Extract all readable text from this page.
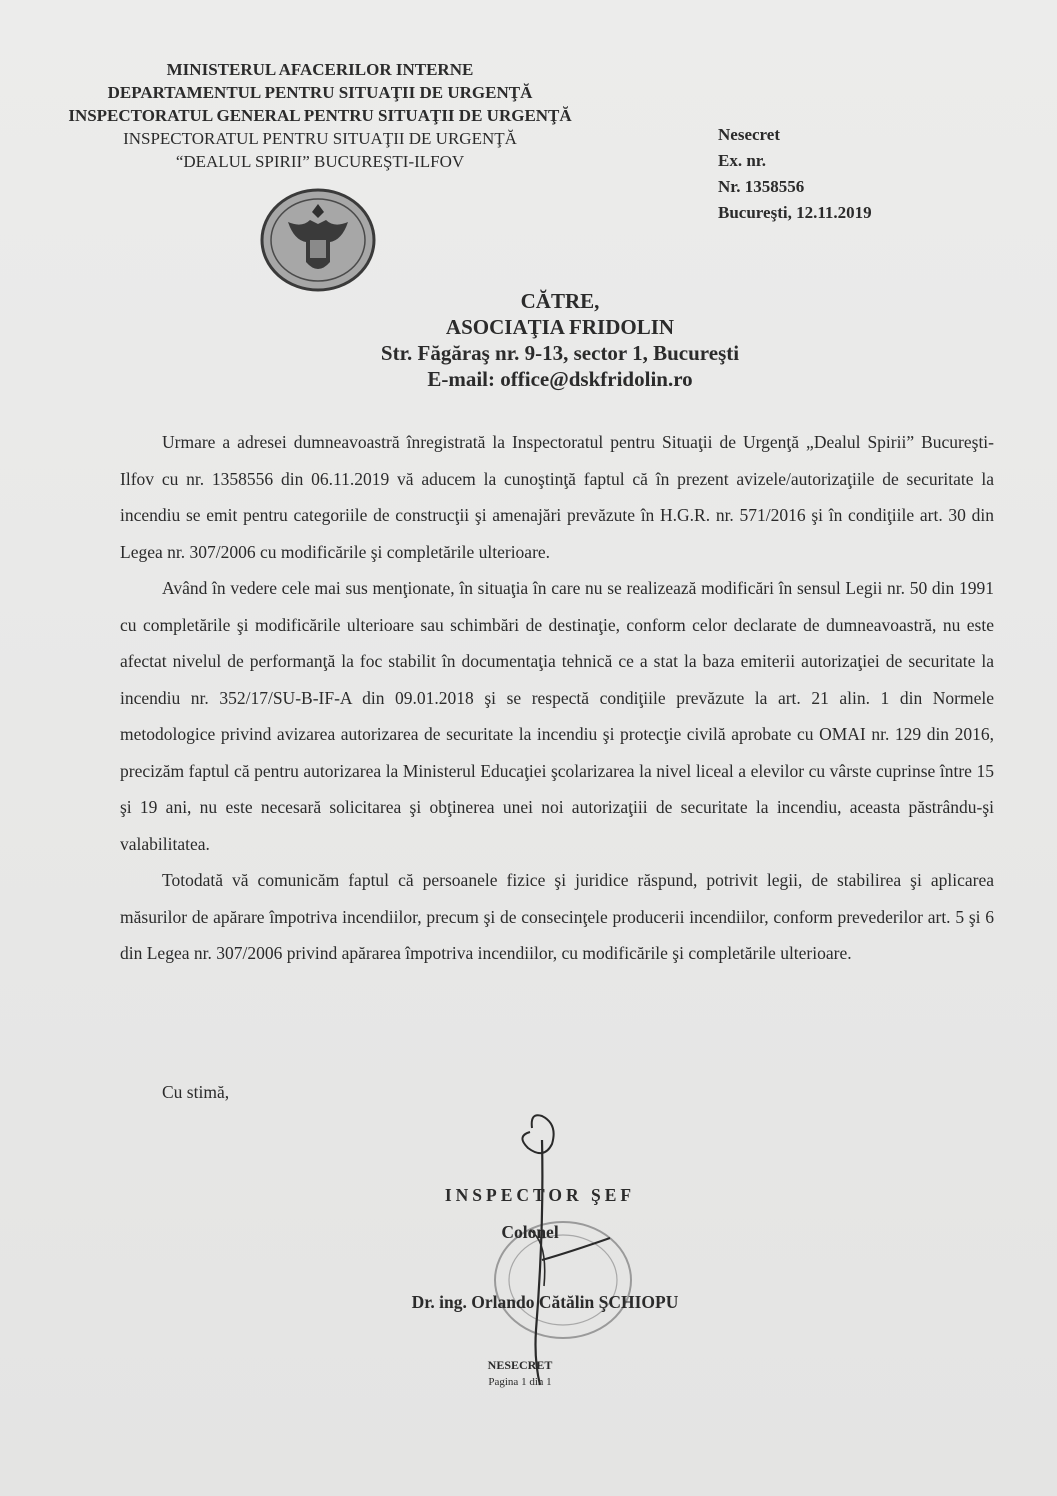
MINISTERUL AFACERILOR INTERNE
DEPARTAMENTUL PENTRU SITUAŢII DE URGENŢĂ
INSPECTORATUL GENERAL PENTRU SITUAŢII DE URGENŢĂ
INSPECTORATUL PENTRU SITUAŢII DE URGENŢĂ
“DEALUL SPIRII” BUCUREŞTI-ILFOV
Nesecret
Ex. nr.
Nr. 1358556
Bucureşti, 12.11.2019
CĂTRE,
ASOCIAŢIA FRIDOLIN
Str. Făgăraş nr. 9-13, sector 1, Bucureşti
E-mail: office@dskfridolin.ro

Urmare a adresei dumneavoastră înregistrată la Inspectoratul pentru Situaţii de Urgenţă „Dealul Spirii” Bucureşti-Ilfov cu nr. 1358556 din 06.11.2019 vă aducem la cunoştinţă faptul că în prezent avizele/autorizaţiile de securitate la incendiu se emit pentru categoriile de construcţii şi amenajări prevăzute în H.G.R. nr. 571/2016 şi în condiţiile art. 30 din Legea nr. 307/2006 cu modificările şi completările ulterioare.

Având în vedere cele mai sus menţionate, în situaţia în care nu se realizează modificări în sensul Legii nr. 50 din 1991 cu completările şi modificările ulterioare sau schimbări de destinaţie, conform celor declarate de dumneavoastră, nu este afectat nivelul de performanţă la foc stabilit în documentaţia tehnică ce a stat la baza emiterii autorizaţiei de securitate la incendiu nr. 352/17/SU-B-IF-A din 09.01.2018 şi se respectă condiţiile prevăzute la art. 21 alin. 1 din Normele metodologice privind avizarea autorizarea de securitate la incendiu şi protecţie civilă aprobate cu OMAI nr. 129 din 2016, precizăm faptul că pentru autorizarea la Ministerul Educaţiei şcolarizarea la nivel liceal a elevilor cu vârste cuprinse între 15 şi 19 ani, nu este necesară solicitarea şi obţinerea unei noi autorizaţiii de securitate la incendiu, aceasta păstrându-şi valabilitatea.

Totodată vă comunicăm faptul că persoanele fizice şi juridice răspund, potrivit legii, de stabilirea şi aplicarea măsurilor de apărare împotriva incendiilor, precum şi de consecinţele producerii incendiilor, conform prevederilor art. 5 şi 6 din Legea nr. 307/2006 privind apărarea împotriva incendiilor, cu modificările şi completările ulterioare.

Cu stimă,
INSPECTOR ŞEF
Colonel
Dr. ing. Orlando Cătălin ŞCHIOPU
NESECRET
Pagina 1 din 1
